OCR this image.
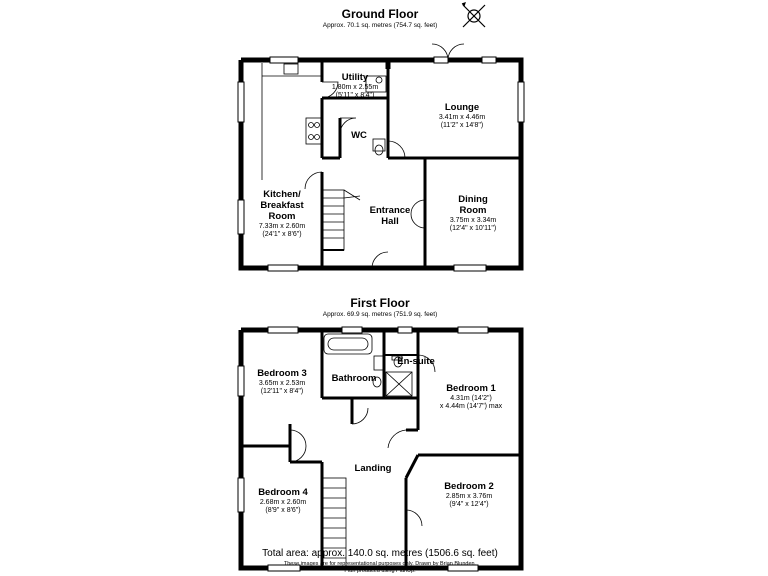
Ground Floor
Approx. 70.1 sq. metres (754.7 sq. feet)
Utility
1.80m x 2.55m
(5'11" x 8'4")
Lounge
3.41m x 4.46m
(11'2" x 14'8")
WC
Kitchen/
Breakfast
Room
7.33m x 2.60m
(24'1" x 8'6")
Entrance
Hall
Dining
Room
3.75m x 3.34m
(12'4" x 10'11")
First Floor
Approx. 69.9 sq. metres (751.9 sq. feet)
Bedroom 3
3.65m x 2.53m
(12'11" x 8'4")
Bathroom
En-suite
Bedroom 1
4.31m (14'2")
x 4.44m (14'7") max
Landing
Bedroom 4
2.68m x 2.60m
(8'9" x 8'6")
Bedroom 2
2.85m x 3.76m
(9'4" x 12'4")
Total area: approx. 140.0 sq. metres (1506.6 sq. feet)
These images are for representational purposes only. Drawn by Brian Blunden.
Plan produced using PlanUp.
